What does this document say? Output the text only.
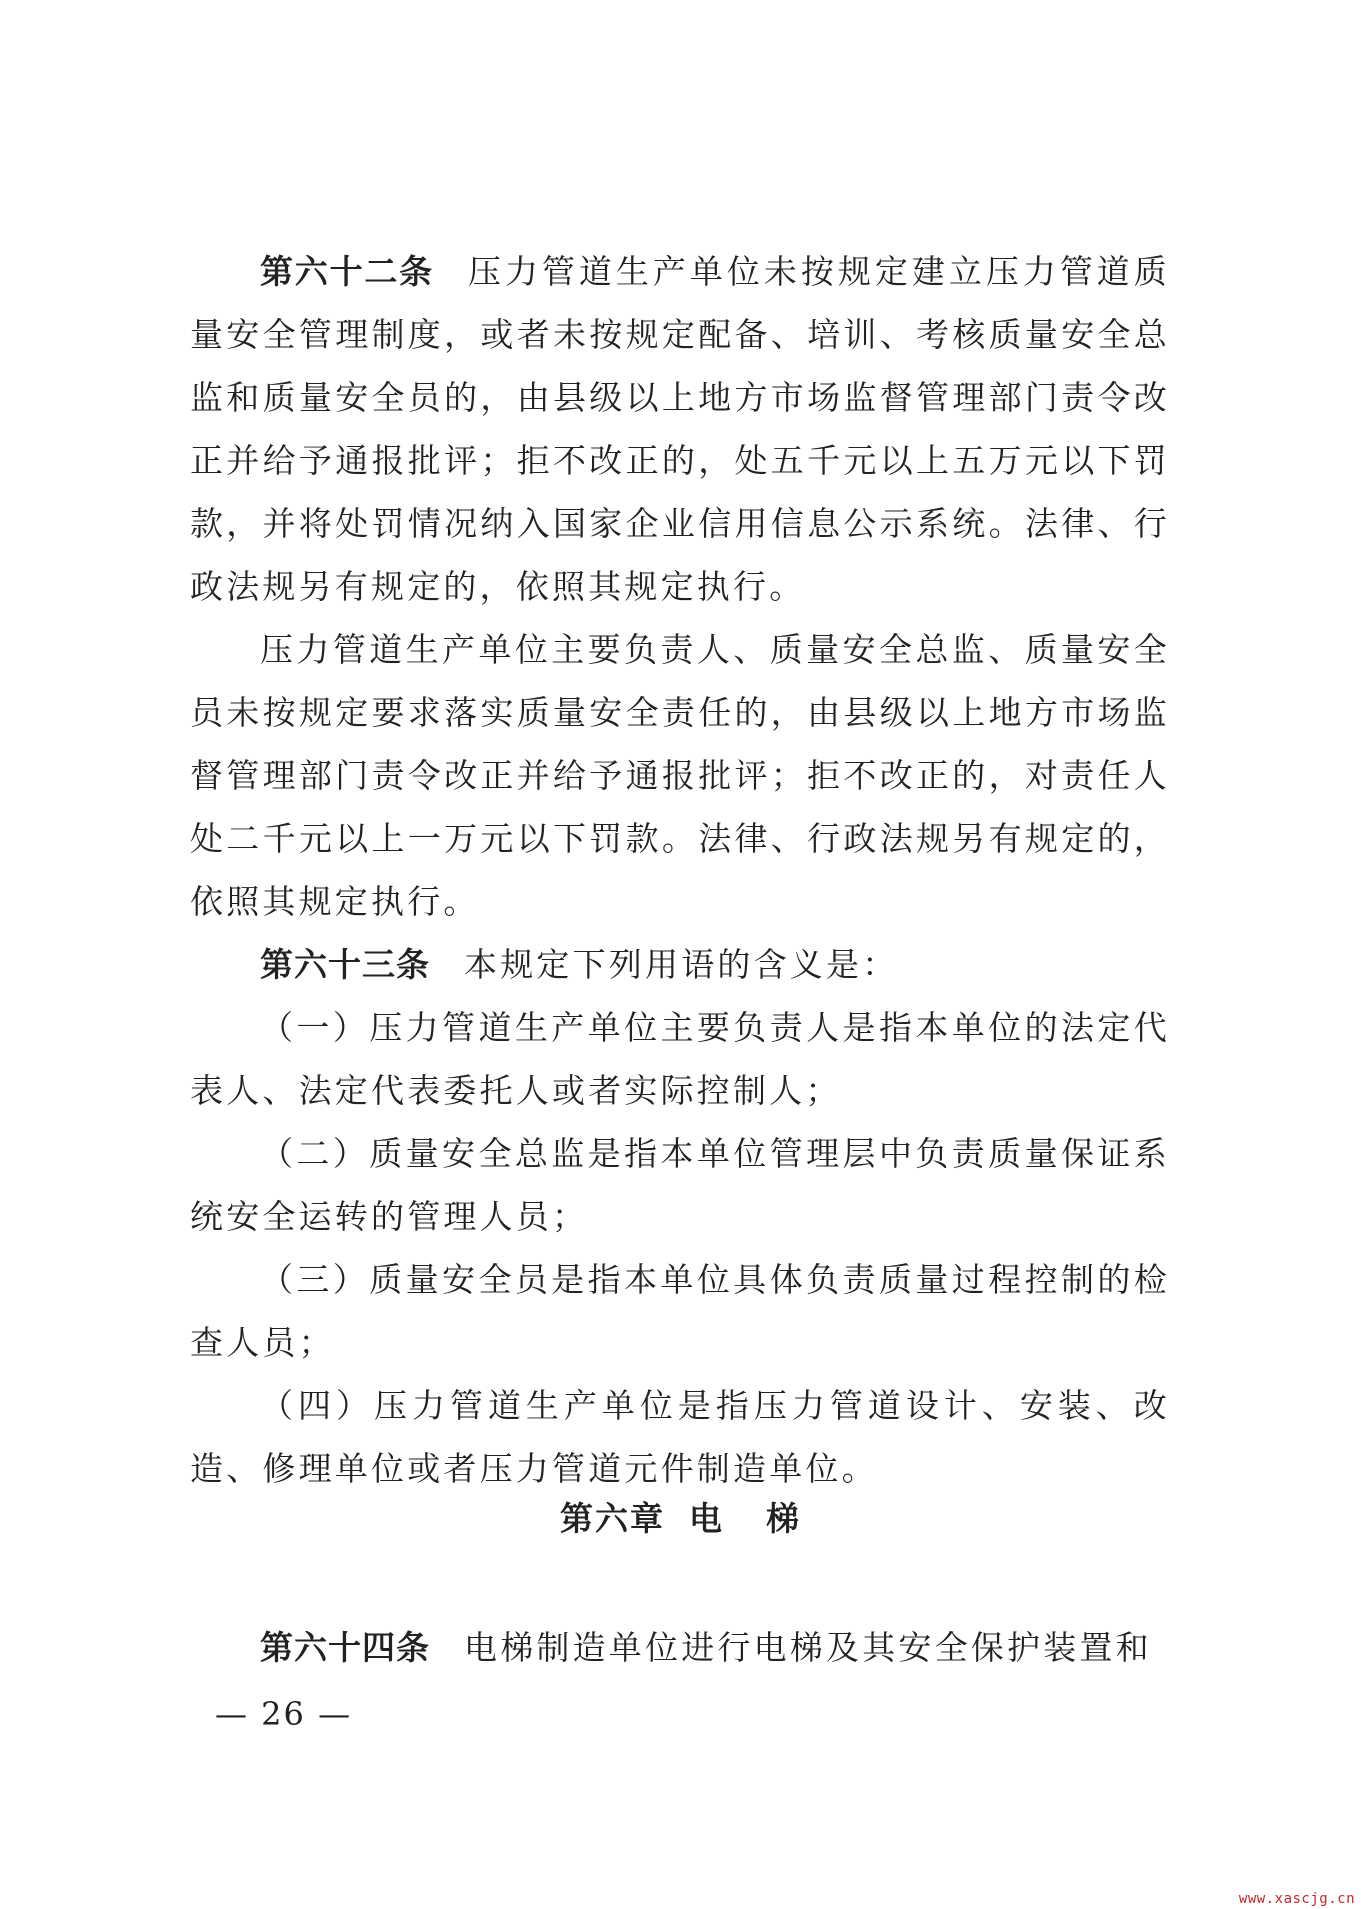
第六十二条 压力管道生产单位未按规定建立压力管道质量安全管理制度，或者未按规定配备、培训、考核质量安全总监和质量安全员的，由县级以上地方市场监督管理部门责令改正并给予通报批评；拒不改正的，处五千元以上五万元以下罚款，并将处罚情况纳入国家企业信用信息公示系统。法律、行政法规另有规定的，依照其规定执行。

压力管道生产单位主要负责人、质量安全总监、质量安全员未按规定要求落实质量安全责任的，由县级以上地方市场监督管理部门责令改正并给予通报批评；拒不改正的，对责任人处二千元以上一万元以下罚款。法律、行政法规另有规定的，依照其规定执行。

第六十三条 本规定下列用语的含义是：

（一）压力管道生产单位主要负责人是指本单位的法定代表人、法定代表委托人或者实际控制人；

（二）质量安全总监是指本单位管理层中负责质量保证系统安全运转的管理人员；

（三）质量安全员是指本单位具体负责质量过程控制的检查人员；

（四）压力管道生产单位是指压力管道设计、安装、改造、修理单位或者压力管道元件制造单位。

第六章 电 梯

第六十四条 电梯制造单位进行电梯及其安全保护装置和

— 26 —
www.xascjg.cn
